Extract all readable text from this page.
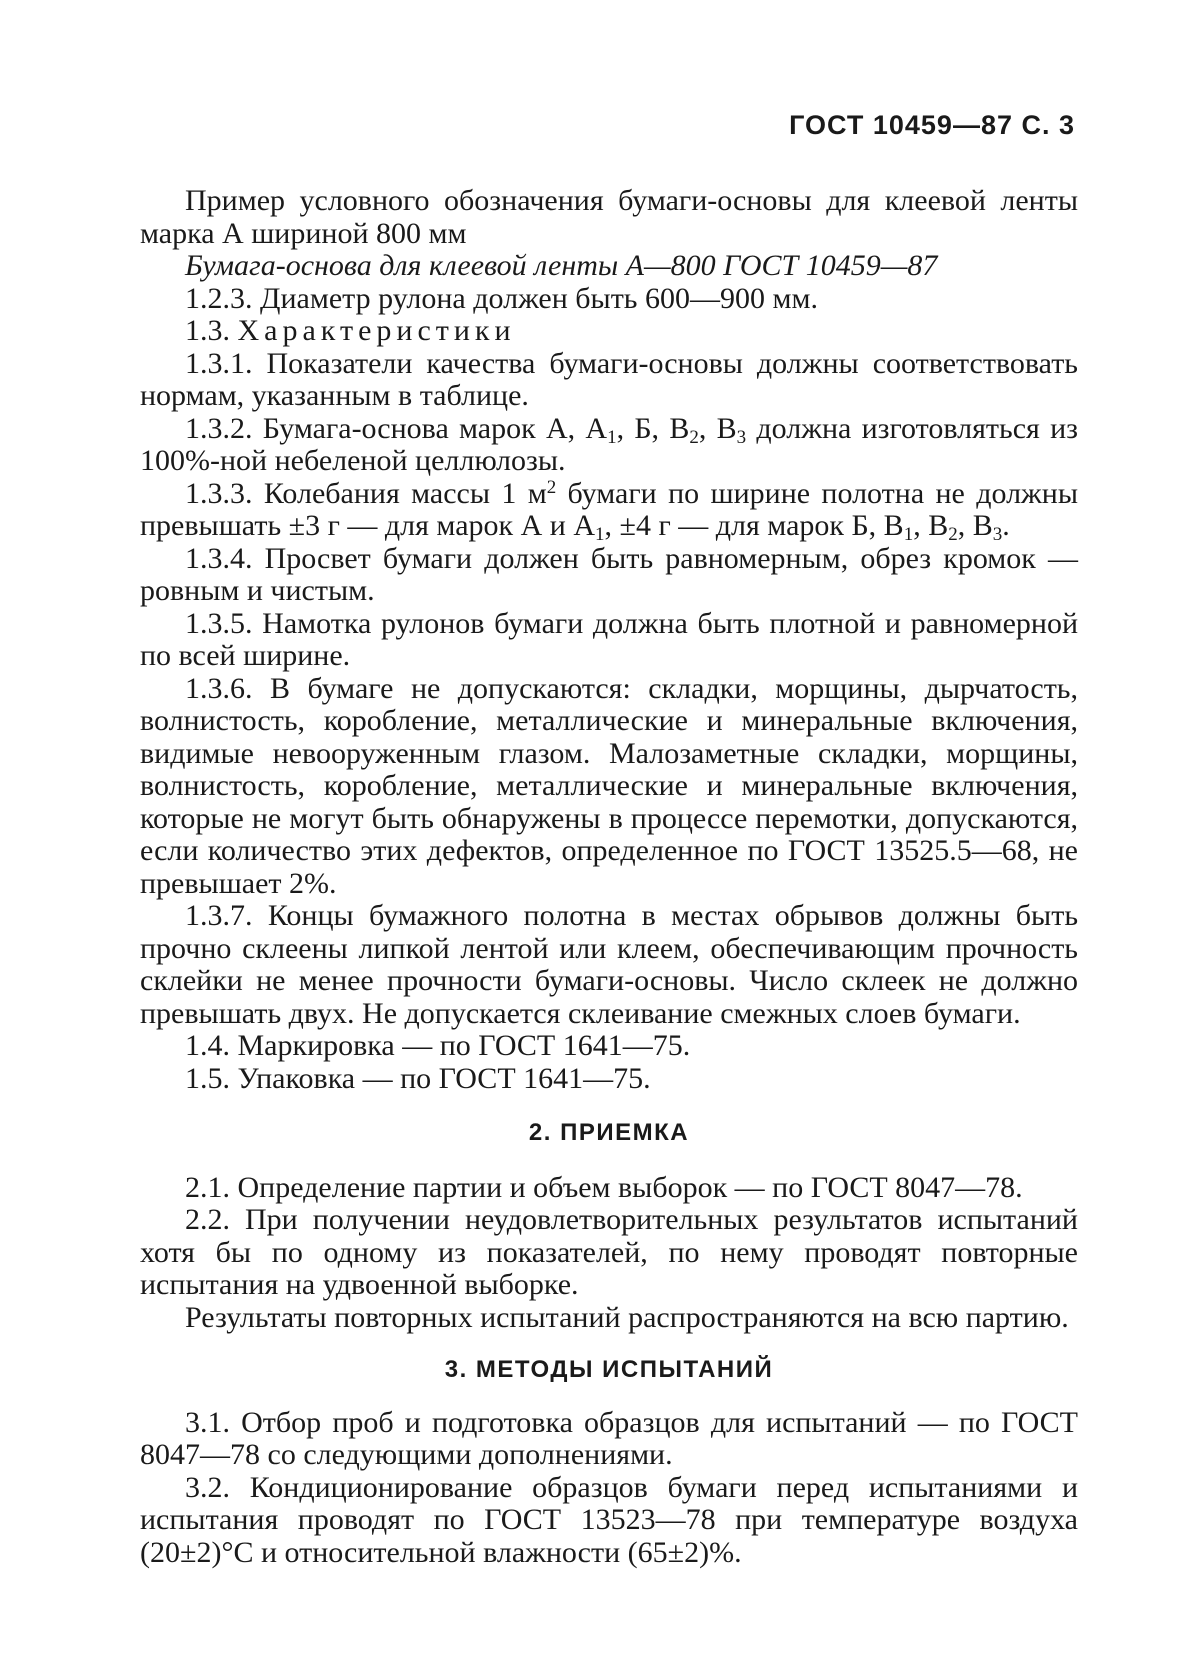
ГОСТ 10459—87 С. 3

Пример условного обозначения бумаги-основы для клеевой ленты марка А шириной 800 мм

Бумага-основа для клеевой ленты А—800 ГОСТ 10459—87

1.2.3. Диаметр рулона должен быть 600—900 мм.

1.3. Характеристики

1.3.1. Показатели качества бумаги-основы должны соответствовать нормам, указанным в таблице.

1.3.2. Бумага-основа марок А, $А_1$, Б, $В_2$, $В_3$ должна изготовляться из 100%-ной небеленой целлюлозы.

1.3.3. Колебания массы 1 $м^2$ бумаги по ширине полотна не должны превышать ±3 г — для марок А и $А_1$, ±4 г — для марок Б, $В_1$, $В_2$, $В_3$.

1.3.4. Просвет бумаги должен быть равномерным, обрез кромок — ровным и чистым.

1.3.5. Намотка рулонов бумаги должна быть плотной и равномерной по всей ширине.

1.3.6. В бумаге не допускаются: складки, морщины, дырчатость, волнистость, коробление, металлические и минеральные включения, видимые невооруженным глазом. Малозаметные складки, морщины, волнистость, коробление, металлические и минеральные включения, которые не могут быть обнаружены в процессе перемотки, допускаются, если количество этих дефектов, определенное по ГОСТ 13525.5—68, не превышает 2%.

1.3.7. Концы бумажного полотна в местах обрывов должны быть прочно склеены липкой лентой или клеем, обеспечивающим прочность склейки не менее прочности бумаги-основы. Число склеек не должно превышать двух. Не допускается склеивание смежных слоев бумаги.

1.4. Маркировка — по ГОСТ 1641—75.

1.5. Упаковка — по ГОСТ 1641—75.

2. ПРИЕМКА

2.1. Определение партии и объем выборок — по ГОСТ 8047—78.

2.2. При получении неудовлетворительных результатов испытаний хотя бы по одному из показателей, по нему проводят повторные испытания на удвоенной выборке.

Результаты повторных испытаний распространяются на всю партию.

3. МЕТОДЫ ИСПЫТАНИЙ

3.1. Отбор проб и подготовка образцов для испытаний — по ГОСТ 8047—78 со следующими дополнениями.

3.2. Кондиционирование образцов бумаги перед испытаниями и испытания проводят по ГОСТ 13523—78 при температуре воздуха (20±2)°С и относительной влажности (65±2)%.
